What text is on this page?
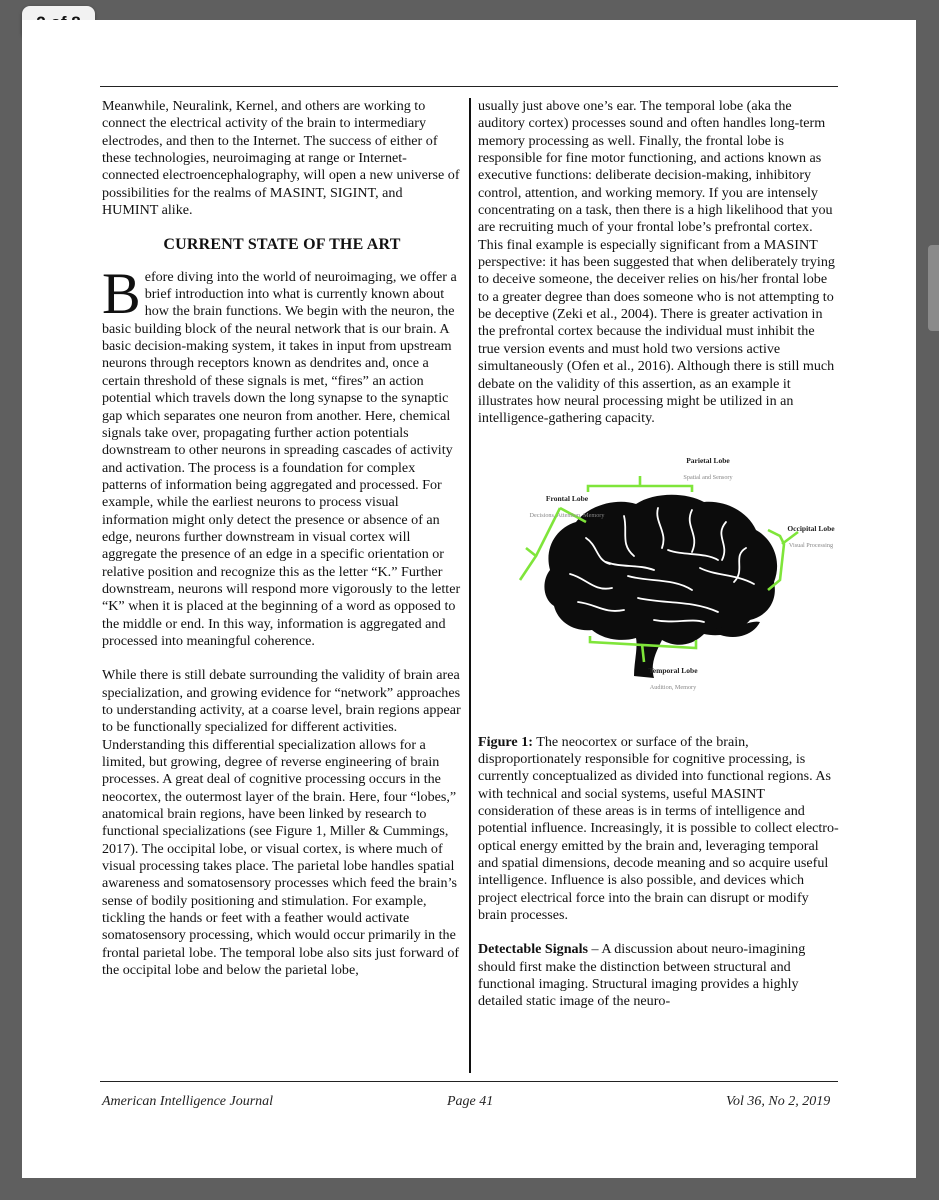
Meanwhile, Neuralink, Kernel, and others are working to connect the electrical activity of the brain to intermediary electrodes, and then to the Internet. The success of either of these technologies, neuroimaging at range or Internet-connected electroencephalography, will open a new universe of possibilities for the realms of MASINT, SIGINT, and HUMINT alike.

CURRENT STATE OF THE ART

Before diving into the world of neuroimaging, we offer a brief introduction into what is currently known about how the brain functions. We begin with the neuron, the basic building block of the neural network that is our brain. A basic decision-making system, it takes in input from upstream neurons through receptors known as dendrites and, once a certain threshold of these signals is met, “fires” an action potential which travels down the long synapse to the synaptic gap which separates one neuron from another. Here, chemical signals take over, propagating further action potentials downstream to other neurons in spreading cascades of activity and activation. The process is a foundation for complex patterns of information being aggregated and processed. For example, while the earliest neurons to process visual information might only detect the presence or absence of an edge, neurons further downstream in visual cortex will aggregate the presence of an edge in a specific orientation or relative position and recognize this as the letter “K.” Further downstream, neurons will respond more vigorously to the letter “K” when it is placed at the beginning of a word as opposed to the middle or end. In this way, information is aggregated and processed into meaningful coherence.

While there is still debate surrounding the validity of brain area specialization, and growing evidence for “network” approaches to understanding activity, at a coarse level, brain regions appear to be functionally specialized for different activities. Understanding this differential specialization allows for a limited, but growing, degree of reverse engineering of brain processes. A great deal of cognitive processing occurs in the neocortex, the outermost layer of the brain. Here, four “lobes,” anatomical brain regions, have been linked by research to functional specializations (see Figure 1, Miller & Cummings, 2017). The occipital lobe, or visual cortex, is where much of visual processing takes place. The parietal lobe handles spatial awareness and somatosensory processes which feed the brain’s sense of bodily positioning and stimulation. For example, tickling the hands or feet with a feather would activate somatosensory processing, which would occur primarily in the frontal parietal lobe. The temporal lobe also sits just forward of the occipital lobe and below the parietal lobe,

usually just above one’s ear. The temporal lobe (aka the auditory cortex) processes sound and often handles long-term memory processing as well. Finally, the frontal lobe is responsible for fine motor functioning, and actions known as executive functions: deliberate decision-making, inhibitory control, attention, and working memory. If you are intensely concentrating on a task, then there is a high likelihood that you are recruiting much of your frontal lobe’s prefrontal cortex. This final example is especially significant from a MASINT perspective: it has been suggested that when deliberately trying to deceive someone, the deceiver relies on his/her frontal lobe to a greater degree than does someone who is not attempting to be deceptive (Zeki et al., 2004). There is greater activation in the prefrontal cortex because the individual must inhibit the true version events and must hold two versions active simultaneously (Ofen et al., 2016). Although there is still much debate on the validity of this assertion, as an example it illustrates how neural processing might be utilized in an intelligence-gathering capacity.

Parietal Lobe
Spatial and Sensory
Frontal Lobe
Decisions, Attention, Memory
Occipital Lobe
Visual Processing
Temporal Lobe
Audition, Memory

Figure 1: The neocortex or surface of the brain, disproportionately responsible for cognitive processing, is currently conceptualized as divided into functional regions. As with technical and social systems, useful MASINT consideration of these areas is in terms of intelligence and potential influence. Increasingly, it is possible to collect electro-optical energy emitted by the brain and, leveraging temporal and spatial dimensions, decode meaning and so acquire useful intelligence. Influence is also possible, and devices which project electrical force into the brain can disrupt or modify brain processes.

Detectable Signals – A discussion about neuro-imagining should first make the distinction between structural and functional imaging. Structural imaging provides a highly detailed static image of the neuro-

American Intelligence Journal	Page 41	Vol 36, No 2, 2019
